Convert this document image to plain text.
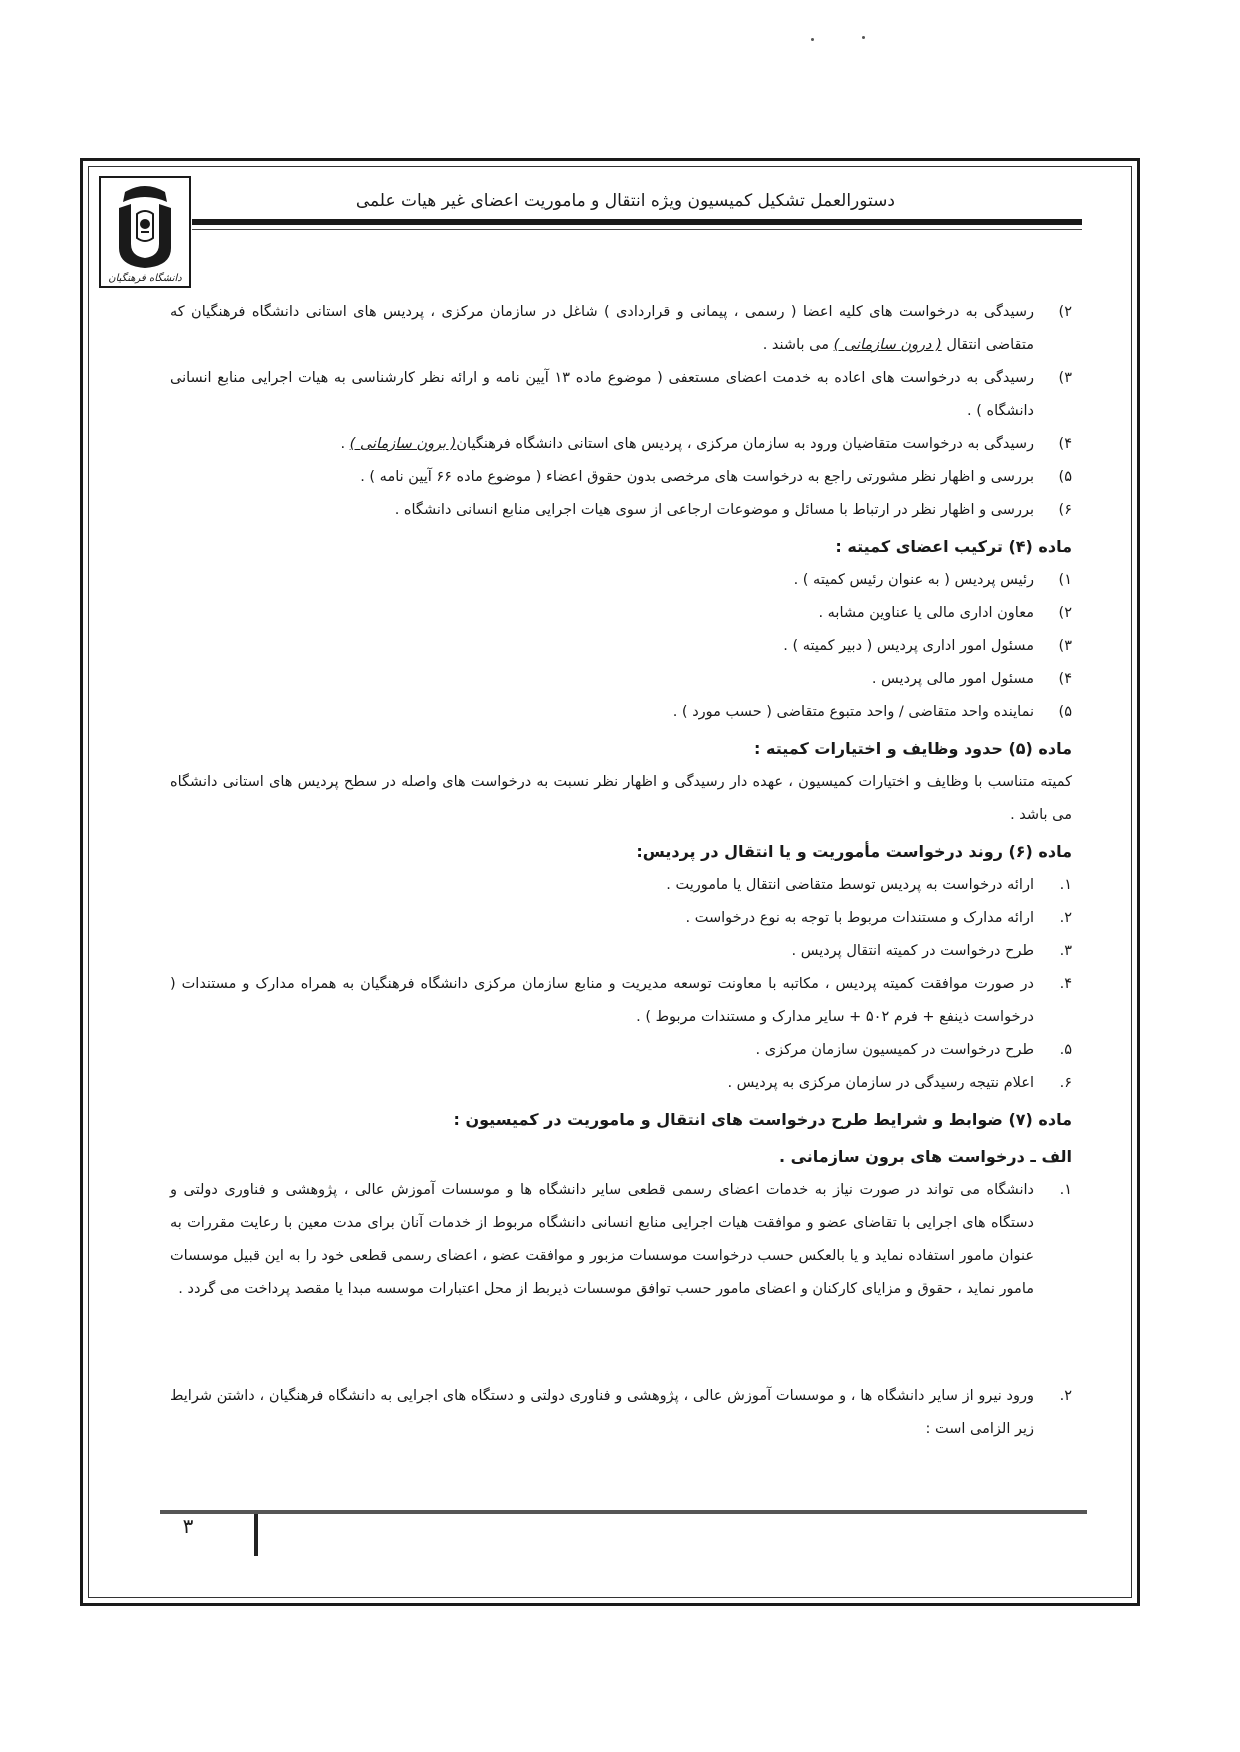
دانشگاه فرهنگیان
دستورالعمل تشکیل کمیسیون ویژه انتقال و ماموریت اعضای غیر هیات علمی
۲)
رسیدگی به درخواست های کلیه اعضا ( رسمی ، پیمانی و قراردادی ) شاغل در سازمان مرکزی ، پردیس های استانی دانشگاه فرهنگیان که متقاضی انتقال ( درون سازمانی ) می باشند .
۳)
رسیدگی به درخواست های اعاده به خدمت اعضای مستعفی ( موضوع ماده ۱۳ آیین نامه و ارائه نظر کارشناسی به هیات اجرایی منابع انسانی دانشگاه ) .
۴)
رسیدگی به درخواست متقاضیان ورود به سازمان مرکزی ، پردیس های استانی دانشگاه فرهنگیان( برون سازمانی ) .
۵)
بررسی و اظهار نظر مشورتی راجع به درخواست های مرخصی بدون حقوق اعضاء ( موضوع ماده ۶۶ آیین نامه ) .
۶)
بررسی و اظهار نظر در ارتباط با مسائل و موضوعات ارجاعی از سوی هیات اجرایی منابع انسانی دانشگاه .
ماده (۴) ترکیب اعضای کمیته :
۱)
رئیس پردیس ( به عنوان رئیس کمیته ) .
۲)
معاون اداری مالی یا عناوین مشابه .
۳)
مسئول امور اداری پردیس ( دبیر کمیته ) .
۴)
مسئول امور مالی پردیس .
۵)
نماینده واحد متقاضی / واحد متبوع متقاضی ( حسب مورد ) .
ماده (۵) حدود وظایف و اختیارات کمیته :
کمیته متناسب با وظایف و اختیارات کمیسیون ، عهده دار رسیدگی و اظهار نظر نسبت به درخواست های واصله در سطح پردیس های استانی دانشگاه می باشد .
ماده (۶) روند درخواست مأموریت و یا انتقال در پردیس:
۱.
ارائه درخواست به پردیس توسط متقاضی انتقال یا ماموریت .
۲.
ارائه مدارک و مستندات مربوط با توجه به نوع درخواست .
۳.
طرح درخواست در کمیته انتقال پردیس .
۴.
در صورت موافقت کمیته پردیس ، مکاتبه با معاونت توسعه مدیریت و منابع سازمان مرکزی دانشگاه فرهنگیان به همراه مدارک و مستندات ( درخواست ذینفع + فرم ۵۰۲ + سایر مدارک و مستندات مربوط ) .
۵.
طرح درخواست در کمیسیون سازمان مرکزی .
۶.
اعلام نتیجه رسیدگی در سازمان مرکزی به پردیس .
ماده (۷) ضوابط و شرایط طرح درخواست های انتقال و ماموریت در کمیسیون :
الف ـ درخواست های برون سازمانی .
۱.
دانشگاه می تواند در صورت نیاز به خدمات اعضای رسمی قطعی سایر دانشگاه ها و موسسات آموزش عالی ، پژوهشی و فناوری دولتی و دستگاه های اجرایی با تقاضای عضو و موافقت هیات اجرایی منابع انسانی دانشگاه مربوط از خدمات آنان برای مدت معین با رعایت مقررات به عنوان مامور استفاده نماید و یا بالعکس حسب درخواست موسسات مزبور و موافقت عضو ، اعضای رسمی قطعی خود را به این قبیل موسسات مامور نماید ، حقوق و مزایای کارکنان و اعضای مامور حسب توافق موسسات ذیربط از محل اعتبارات موسسه مبدا یا مقصد پرداخت می گردد .
۲.
ورود نیرو از سایر دانشگاه ها ، و موسسات آموزش عالی ، پژوهشی و فناوری دولتی و دستگاه های اجرایی به دانشگاه فرهنگیان ، داشتن شرایط زیر الزامی است :
۳
